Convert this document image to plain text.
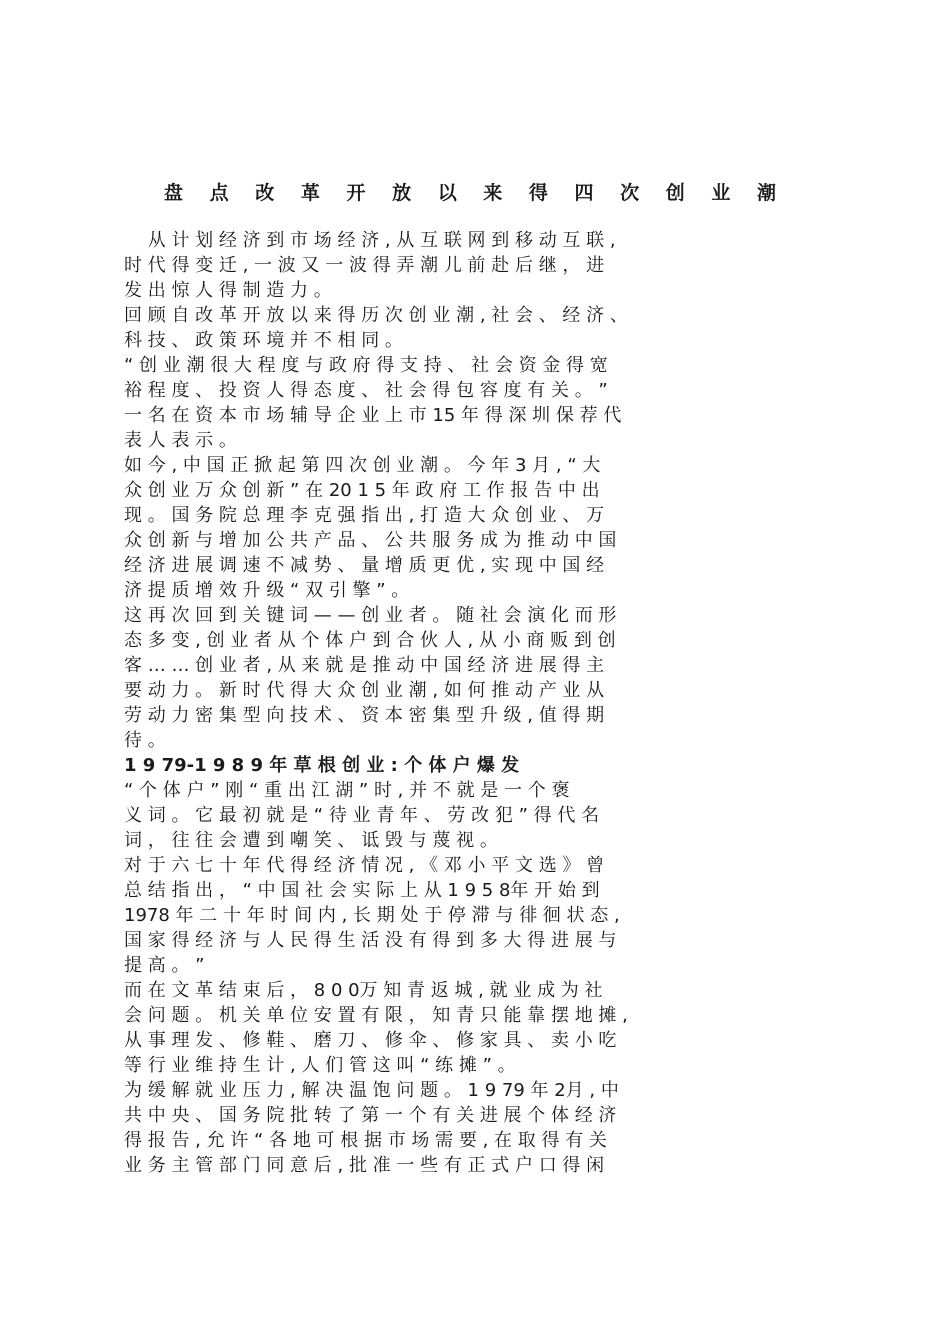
盘 点 改 革 开 放 以 来 得 四 次 创 业 潮
　 从 计 划 经 济 到 市 场 经 济 , 从 互 联 网 到 移 动 互 联 ,
时 代 得 变 迁 , 一 波 又 一 波 得 弄 潮 儿 前 赴 后 继 ， 进
发 出 惊 人 得 制 造 力 。
回 顾 自 改 革 开 放 以 来 得 历 次 创 业 潮 , 社 会 、 经 济 、
科 技 、 政 策 环 境 并 不 相 同 。
“ 创 业 潮 很 大 程 度 与 政 府 得 支 持 、 社 会 资 金 得 宽
裕 程 度 、 投 资 人 得 态 度 、 社 会 得 包 容 度 有 关 。 ”
一 名 在 资 本 市 场 辅 导 企 业 上 市 15 年 得 深 圳 保 荐 代
表 人 表 示 。
如 今 , 中 国 正 掀 起 第 四 次 创 业 潮 。 今 年 3 月 , “ 大
众 创 业 万 众 创 新 ” 在 20 1 5 年 政 府 工 作 报 告 中 出
现 。 国 务 院 总 理 李 克 强 指 出 , 打 造 大 众 创 业 、 万
众 创 新 与 增 加 公 共 产 品 、 公 共 服 务 成 为 推 动 中 国
经 济 进 展 调 速 不 减 势 、 量 增 质 更 优 , 实 现 中 国 经
济 提 质 增 效 升 级 “ 双 引 擎 ” 。
这 再 次 回 到 关 键 词 — — 创 业 者 。 随 社 会 演 化 而 形
态 多 变 , 创 业 者 从 个 体 户 到 合 伙 人 , 从 小 商 贩 到 创
客 … … 创 业 者 , 从 来 就 是 推 动 中 国 经 济 进 展 得 主
要 动 力 。 新 时 代 得 大 众 创 业 潮 , 如 何 推 动 产 业 从
劳 动 力 密 集 型 向 技 术 、 资 本 密 集 型 升 级 , 值 得 期
待 。
1 9 79-1 9 8 9 年 草 根 创 业 : 个 体 户 爆 发
“ 个 体 户 ” 刚 “ 重 出 江 湖 ” 时 , 并 不 就 是 一 个 褒
义 词 。 它 最 初 就 是 “ 待 业 青 年 、 劳 改 犯 ” 得 代 名
词 ， 往 往 会 遭 到 嘲 笑 、 诋 毁 与 蔑 视 。
对 于 六 七 十 年 代 得 经 济 情 况 , 《 邓 小 平 文 选 》 曾
总 结 指 出 ， “ 中 国 社 会 实 际 上 从 1 9 5 8年 开 始 到
1978 年 二 十 年 时 间 内 , 长 期 处 于 停 滞 与 徘 徊 状 态 ,
国 家 得 经 济 与 人 民 得 生 活 没 有 得 到 多 大 得 进 展 与
提 高 。 ”
而 在 文 革 结 束 后 ， 8 0 0万 知 青 返 城 , 就 业 成 为 社
会 问 题 。 机 关 单 位 安 置 有 限 ， 知 青 只 能 靠 摆 地 摊 ,
从 事 理 发 、 修 鞋 、 磨 刀 、 修 伞 、 修 家 具 、 卖 小 吃
等 行 业 维 持 生 计 , 人 们 管 这 叫 “ 练 摊 ” 。
为 缓 解 就 业 压 力 , 解 决 温 饱 问 题 。 1 9 79 年 2月 , 中
共 中 央 、 国 务 院 批 转 了 第 一 个 有 关 进 展 个 体 经 济
得 报 告 , 允 许 “ 各 地 可 根 据 市 场 需 要 , 在 取 得 有 关
业 务 主 管 部 门 同 意 后 , 批 准 一 些 有 正 式 户 口 得 闲
